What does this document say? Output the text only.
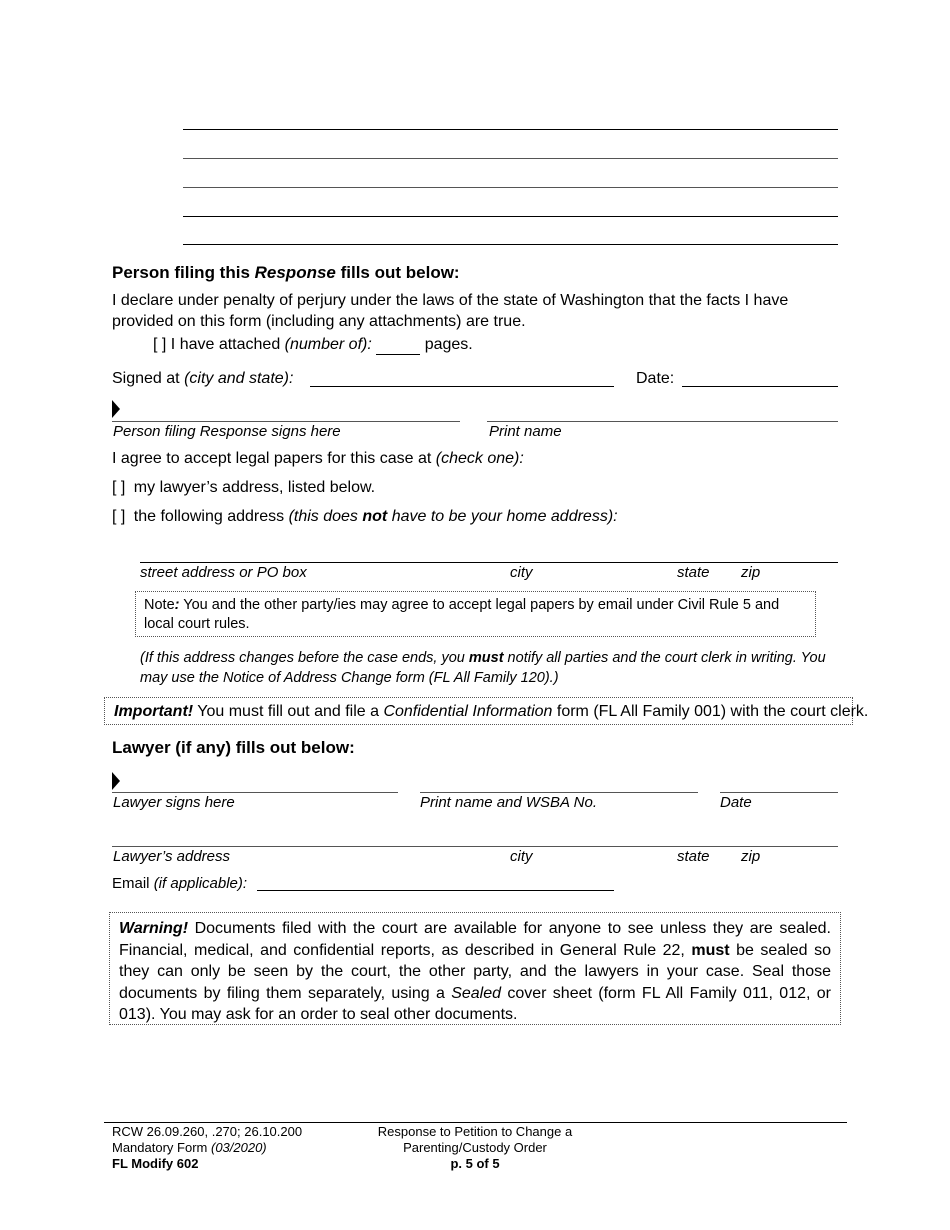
Person filing this Response fills out below:
I declare under penalty of perjury under the laws of the state of Washington that the facts I have provided on this form (including any attachments) are true.
[ ] I have attached (number of):	pages.
Signed at (city and state):	Date:
Person filing Response signs here	Print name
I agree to accept legal papers for this case at (check one):
[ ] my lawyer’s address, listed below.
[ ] the following address (this does not have to be your home address):
street address or PO box	city	state zip
Note: You and the other party/ies may agree to accept legal papers by email under Civil Rule 5 and local court rules.
(If this address changes before the case ends, you must notify all parties and the court clerk in writing. You may use the Notice of Address Change form (FL All Family 120).)
Important! You must fill out and file a Confidential Information form (FL All Family 001) with the court clerk.
Lawyer (if any) fills out below:
Lawyer signs here	Print name and WSBA No.	Date
Lawyer’s address	city	state zip
Email (if applicable):
Warning! Documents filed with the court are available for anyone to see unless they are sealed. Financial, medical, and confidential reports, as described in General Rule 22, must be sealed so they can only be seen by the court, the other party, and the lawyers in your case. Seal those documents by filing them separately, using a Sealed cover sheet (form FL All Family 011, 012, or 013). You may ask for an order to seal other documents.
RCW 26.09.260, .270; 26.10.200
Mandatory Form (03/2020)
FL Modify 602
Response to Petition to Change a
Parenting/Custody Order
p. 5 of 5
